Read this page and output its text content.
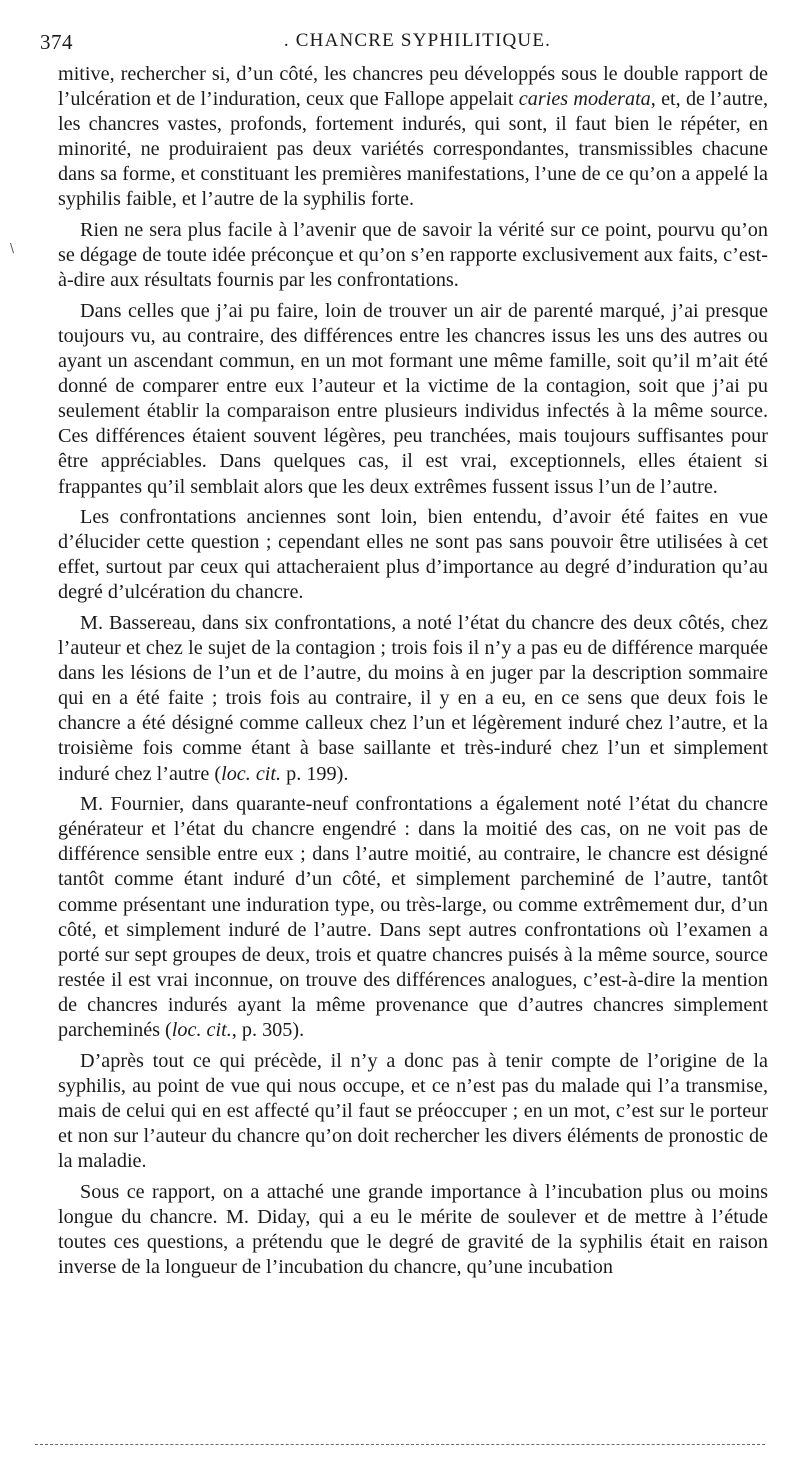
374	. CHANCRE SYPHILITIQUE.
\

mitive, rechercher si, d’un côté, les chancres peu développés sous le double rapport de l’ulcération et de l’induration, ceux que Fallope appelait caries moderata, et, de l’autre, les chancres vastes, profonds, fortement indurés, qui sont, il faut bien le répéter, en minorité, ne produiraient pas deux variétés correspondantes, transmissibles chacune dans sa forme, et constituant les premières manifestations, l’une de ce qu’on a appelé la syphilis faible, et l’autre de la syphilis forte.

Rien ne sera plus facile à l’avenir que de savoir la vérité sur ce point, pourvu qu’on se dégage de toute idée préconçue et qu’on s’en rapporte exclusivement aux faits, c’est-à-dire aux résultats fournis par les confrontations.

Dans celles que j’ai pu faire, loin de trouver un air de parenté marqué, j’ai presque toujours vu, au contraire, des différences entre les chancres issus les uns des autres ou ayant un ascendant commun, en un mot formant une même famille, soit qu’il m’ait été donné de comparer entre eux l’auteur et la victime de la contagion, soit que j’ai pu seulement établir la comparaison entre plusieurs individus infectés à la même source. Ces différences étaient souvent légères, peu tranchées, mais toujours suffisantes pour être appréciables. Dans quelques cas, il est vrai, exceptionnels, elles étaient si frappantes qu’il semblait alors que les deux extrêmes fussent issus l’un de l’autre.

Les confrontations anciennes sont loin, bien entendu, d’avoir été faites en vue d’élucider cette question ; cependant elles ne sont pas sans pouvoir être utilisées à cet effet, surtout par ceux qui attacheraient plus d’importance au degré d’induration qu’au degré d’ulcération du chancre.

M. Bassereau, dans six confrontations, a noté l’état du chancre des deux côtés, chez l’auteur et chez le sujet de la contagion ; trois fois il n’y a pas eu de différence marquée dans les lésions de l’un et de l’autre, du moins à en juger par la description sommaire qui en a été faite ; trois fois au contraire, il y en a eu, en ce sens que deux fois le chancre a été désigné comme calleux chez l’un et légèrement induré chez l’autre, et la troisième fois comme étant à base saillante et très-induré chez l’un et simplement induré chez l’autre (loc. cit. p. 199).

M. Fournier, dans quarante-neuf confrontations a également noté l’état du chancre générateur et l’état du chancre engendré : dans la moitié des cas, on ne voit pas de différence sensible entre eux ; dans l’autre moitié, au contraire, le chancre est désigné tantôt comme étant induré d’un côté, et simplement parcheminé de l’autre, tantôt comme présentant une induration type, ou très-large, ou comme extrêmement dur, d’un côté, et simplement induré de l’autre. Dans sept autres confrontations où l’examen a porté sur sept groupes de deux, trois et quatre chancres puisés à la même source, source restée il est vrai inconnue, on trouve des différences analogues, c’est-à-dire la mention de chancres indurés ayant la même provenance que d’autres chancres simplement parcheminés (loc. cit., p. 305).

D’après tout ce qui précède, il n’y a donc pas à tenir compte de l’origine de la syphilis, au point de vue qui nous occupe, et ce n’est pas du malade qui l’a transmise, mais de celui qui en est affecté qu’il faut se préoccuper ; en un mot, c’est sur le porteur et non sur l’auteur du chancre qu’on doit rechercher les divers éléments de pronostic de la maladie.

Sous ce rapport, on a attaché une grande importance à l’incubation plus ou moins longue du chancre. M. Diday, qui a eu le mérite de soulever et de mettre à l’étude toutes ces questions, a prétendu que le degré de gravité de la syphilis était en raison inverse de la longueur de l’incubation du chancre, qu’une incubation
